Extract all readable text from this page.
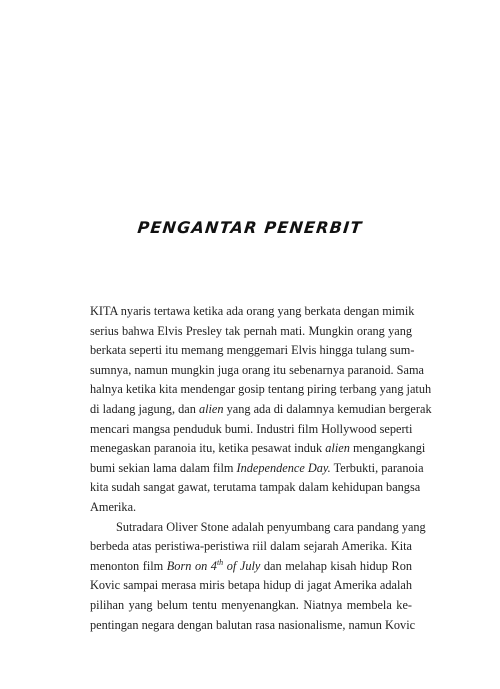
PENGANTAR PENERBIT
KITA nyaris tertawa ketika ada orang yang berkata dengan mimik
serius bahwa Elvis Presley tak pernah mati. Mungkin orang yang
berkata seperti itu memang menggemari Elvis hingga tulang sum-
sumnya, namun mungkin juga orang itu sebenarnya paranoid. Sama
halnya ketika kita mendengar gosip tentang piring terbang yang jatuh
di ladang jagung, dan alien yang ada di dalamnya kemudian bergerak
mencari mangsa penduduk bumi. Industri film Hollywood seperti
menegaskan paranoia itu, ketika pesawat induk alien mengangkangi
bumi sekian lama dalam film Independence Day. Terbukti, paranoia
kita sudah sangat gawat, terutama tampak dalam kehidupan bangsa
Amerika.
Sutradara Oliver Stone adalah penyumbang cara pandang yang
berbeda atas peristiwa-peristiwa riil dalam sejarah Amerika. Kita
menonton film Born on 4th of July dan melahap kisah hidup Ron
Kovic sampai merasa miris betapa hidup di jagat Amerika adalah
pilihan yang belum tentu menyenangkan. Niatnya membela ke-
pentingan negara dengan balutan rasa nasionalisme, namun Kovic
